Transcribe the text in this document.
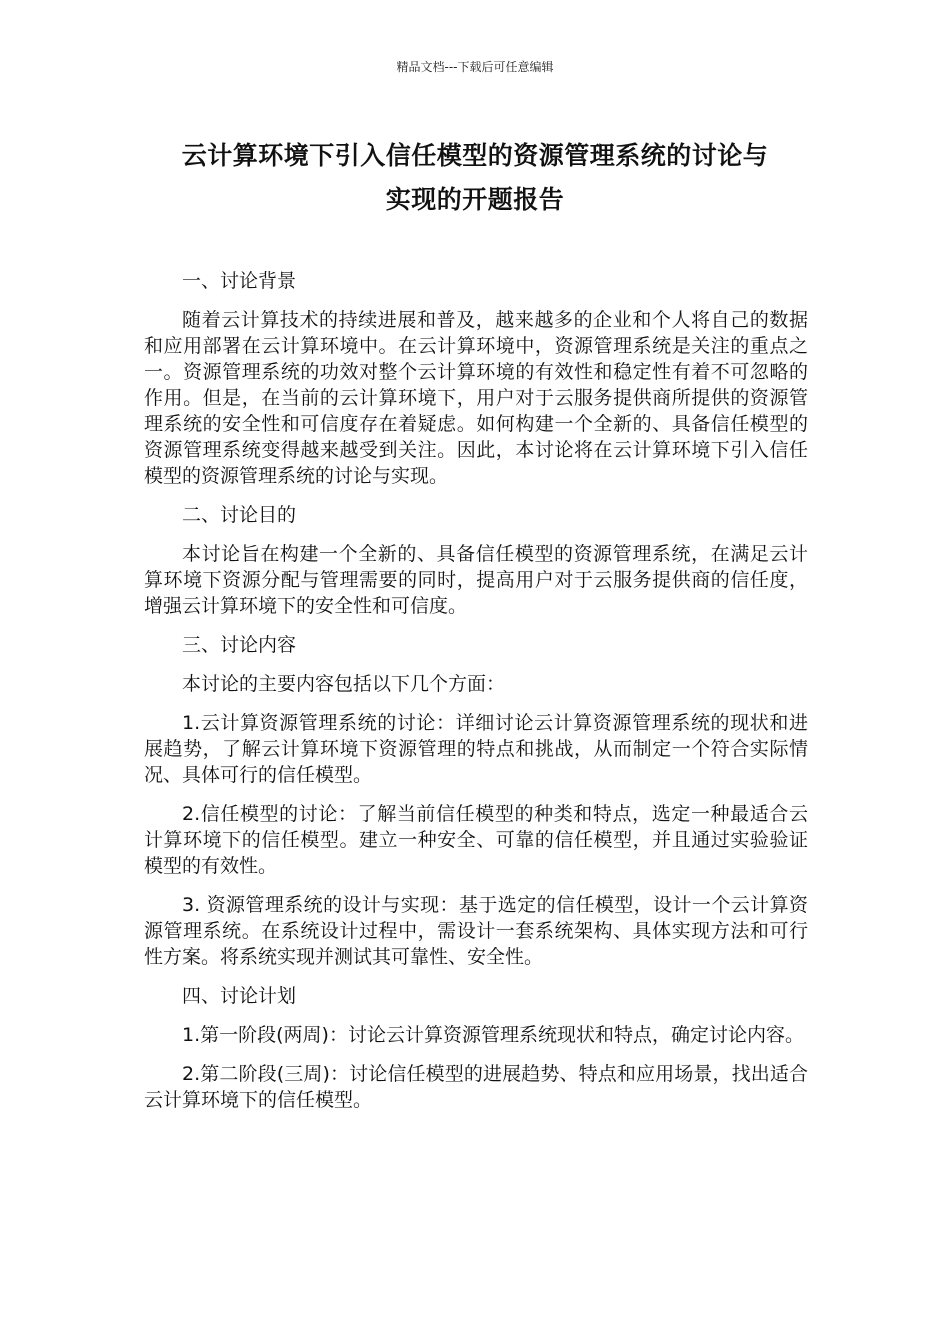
精品文档---下载后可任意编辑
云计算环境下引入信任模型的资源管理系统的讨论与
实现的开题报告

一、讨论背景

随着云计算技术的持续进展和普及，越来越多的企业和个人将自己的数据和应用部署在云计算环境中。在云计算环境中，资源管理系统是关注的重点之一。资源管理系统的功效对整个云计算环境的有效性和稳定性有着不可忽略的作用。但是，在当前的云计算环境下，用户对于云服务提供商所提供的资源管理系统的安全性和可信度存在着疑虑。如何构建一个全新的、具备信任模型的资源管理系统变得越来越受到关注。因此，本讨论将在云计算环境下引入信任模型的资源管理系统的讨论与实现。

二、讨论目的

本讨论旨在构建一个全新的、具备信任模型的资源管理系统，在满足云计算环境下资源分配与管理需要的同时，提高用户对于云服务提供商的信任度，增强云计算环境下的安全性和可信度。

三、讨论内容

本讨论的主要内容包括以下几个方面：

1.云计算资源管理系统的讨论：详细讨论云计算资源管理系统的现状和进展趋势，了解云计算环境下资源管理的特点和挑战，从而制定一个符合实际情况、具体可行的信任模型。

2.信任模型的讨论：了解当前信任模型的种类和特点，选定一种最适合云计算环境下的信任模型。建立一种安全、可靠的信任模型，并且通过实验验证模型的有效性。

3. 资源管理系统的设计与实现：基于选定的信任模型，设计一个云计算资源管理系统。在系统设计过程中，需设计一套系统架构、具体实现方法和可行性方案。将系统实现并测试其可靠性、安全性。

四、讨论计划

1.第一阶段(两周)：讨论云计算资源管理系统现状和特点，确定讨论内容。

2.第二阶段(三周)：讨论信任模型的进展趋势、特点和应用场景，找出适合云计算环境下的信任模型。
